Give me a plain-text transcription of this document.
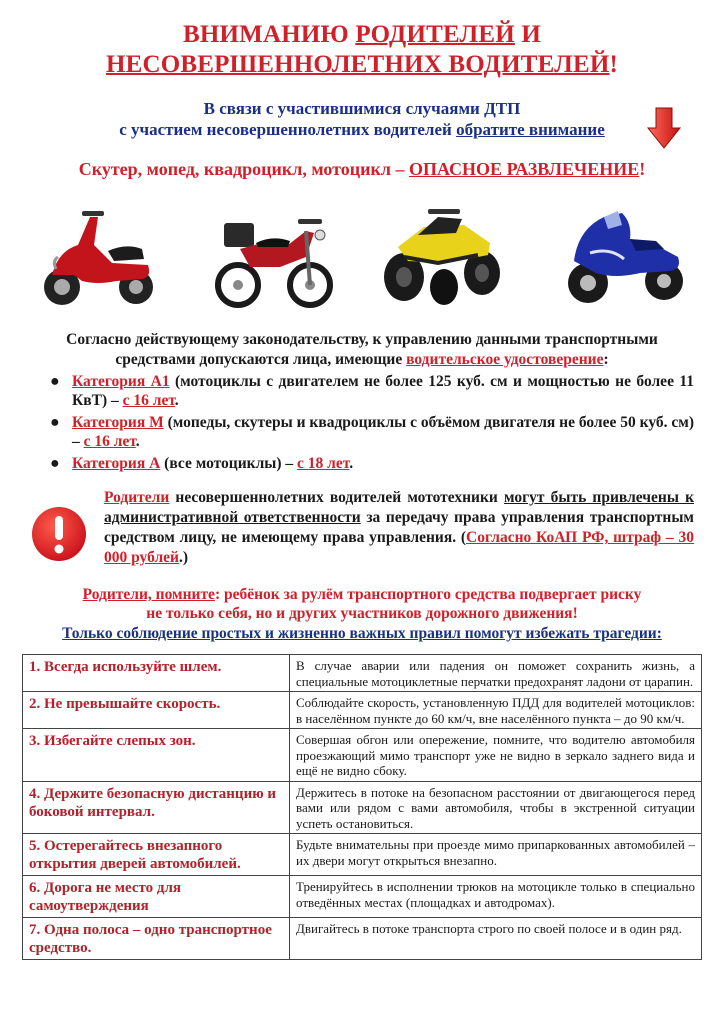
ВНИМАНИЮ РОДИТЕЛЕЙ И
НЕСОВЕРШЕННОЛЕТНИХ ВОДИТЕЛЕЙ!
В связи с участившимися случаями ДТП
с участием несовершеннолетних водителей обратите внимание
Скутер, мопед, квадроцикл, мотоцикл – ОПАСНОЕ РАЗВЛЕЧЕНИЕ!
Согласно действующему законодательству, к управлению данными транспортными средствами допускаются лица, имеющие водительское удостоверение:
● Категория А1 (мотоциклы с двигателем не более 125 куб. см и мощностью не более 11 КвТ) – с 16 лет.
● Категория М (мопеды, скутеры и квадроциклы с объёмом двигателя не более 50 куб. см) – с 16 лет.
● Категория А (все мотоциклы) – с 18 лет.
Родители несовершеннолетних водителей мототехники могут быть привлечены к административной ответственности за передачу права управления транспортным средством лицу, не имеющему права управления. (Согласно КоАП РФ, штраф – 30 000 рублей.)
Родители, помните: ребёнок за рулём транспортного средства подвергает риску
не только себя, но и других участников дорожного движения!
Только соблюдение простых и жизненно важных правил помогут избежать трагедии:
1. Всегда используйте шлем.	В случае аварии или падения он поможет сохранить жизнь, а специальные мотоциклетные перчатки предохранят ладони от царапин.
2. Не превышайте скорость.	Соблюдайте скорость, установленную ПДД для водителей мотоциклов: в населённом пункте до 60 км/ч, вне населённого пункта – до 90 км/ч.
3. Избегайте слепых зон.	Совершая обгон или опережение, помните, что водителю автомобиля проезжающий мимо транспорт уже не видно в зеркало заднего вида и ещё не видно сбоку.
4. Держите безопасную дистанцию и боковой интервал.	Держитесь в потоке на безопасном расстоянии от двигающегося перед вами или рядом с вами автомобиля, чтобы в экстренной ситуации успеть остановиться.
5. Остерегайтесь внезапного открытия дверей автомобилей.	Будьте внимательны при проезде мимо припаркованных автомобилей – их двери могут открыться внезапно.
6. Дорога не место для самоутверждения	Тренируйтесь в исполнении трюков на мотоцикле только в специально отведённых местах (площадках и автодромах).
7. Одна полоса – одно транспортное средство.	Двигайтесь в потоке транспорта строго по своей полосе и в один ряд.
